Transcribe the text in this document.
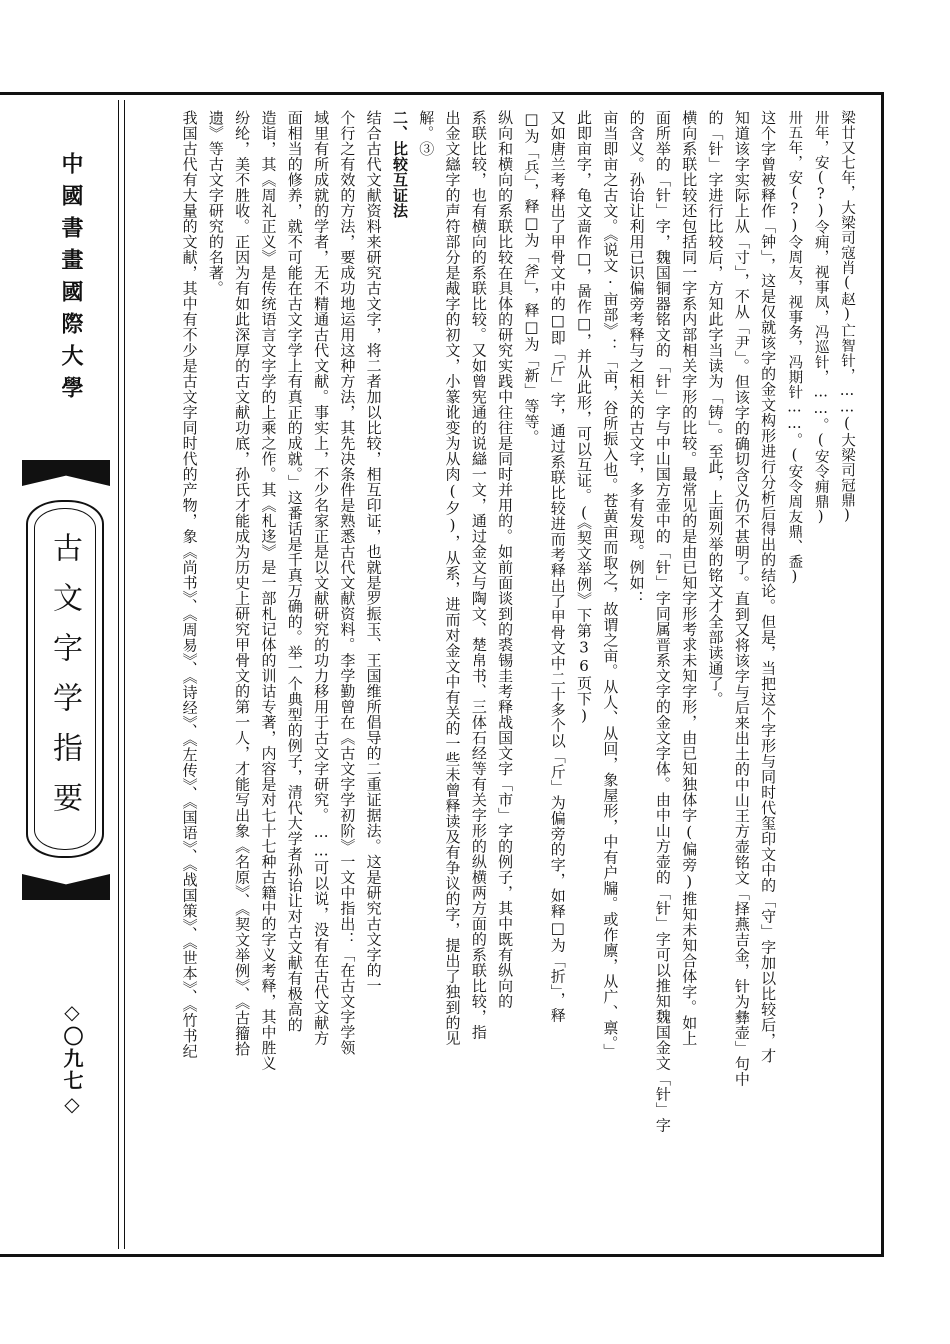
中國書畫國際大學
古文字学指要
◇〇九七◇
梁廿又七年，大梁司寇肖(赵)亡智针，……(大梁司冠鼎)
卅年，安(?)令痈，视事凤，冯巡针，……。(安令痈鼎)
卅五年，安(?)令周友，视事务，冯期针……。(安令周友鼎、盉)
这个字曾被释作「钟」，这是仅就该字的金文构形进行分析后得出的结论。但是，当把这个字形与同时代玺印文中的「守」字加以比较后，才
知道该字实际上从「寸」，不从「尹」。但该字的确切含义仍不甚明了。直到又将该字与后来出土的中山王方壶铭文「择燕吉金，针为彝壶」句中
的「针」字进行比较后，方知此字当读为「铸」。至此，上面列举的铭文才全部读通了。
横向系联比较还包括同一字系内部相关字形的比较。最常见的是由已知字形考求未知字形，由已知独体字(偏旁)推知未知合体字。如上
面所举的「针」字，魏国铜器铭文的「针」字与中山国方壶中的「针」字同属晋系文字的金文字体。由中山方壶的「针」字可以推知魏国金文「针」字
的含义。孙诒让利用已识偏旁考释与之相关的古文字，多有发现。例如：
亩当即亩之古文。《说文·亩部》：「亩，谷所振入也。苍黄亩而取之，故谓之亩。从人、从回，象屋形，中有户牖。或作廪，从广、禀。」
此即亩字，龟文啬作□，啚作□，并从此形，可以互证。(《契文举例》下第36页下)
又如唐兰考释出了甲骨文中的□即「斤」字，通过系联比较进而考释出了甲骨文中二十多个以「斤」为偏旁的字，如释□为「折」，释
□为「兵」，释□为「斧」，释□为「新」等等。
纵向和横向的系联比较在具体的研究实践中往往是同时并用的。如前面谈到的裘锡圭考释战国文字「市」字的例子，其中既有纵向的
系联比较，也有横向的系联比较。又如曾宪通的说䜌一文，通过金文与陶文、楚帛书、三体石经等有关字形的纵横两方面的系联比较，指
出金文䜌字的声符部分是胾字的初文，小篆讹变为从肉(夕)，从系，进而对金文中有关的一些未曾释读及有争议的字，提出了独到的见
解。③
二、比较互证法
结合古代文献资料来研究古文字，将二者加以比较，相互印证，也就是罗振玉、王国维所倡导的二重证据法。这是研究古文字的一
个行之有效的方法，要成功地运用这种方法，其先决条件是熟悉古代文献资料。李学勤曾在《古文字学初阶》一文中指出：「在古文字学领
域里有所成就的学者，无不精通古代文献。事实上，不少名家正是以文献研究的功力移用于古文字研究。……可以说，没有在古代文献方
面相当的修养，就不可能在古文字学上有真正的成就。」这番话是千真万确的。举一个典型的例子，清代大学者孙诒让对古文献有极高的
造诣，其《周礼正义》是传统语言文字学的上乘之作。其《札迻》是一部札记体的训诂专著，内容是对七十七种古籍中的字义考释，其中胜义
纷纶，美不胜收。正因为有如此深厚的古文献功底，孙氏才能成为历史上研究甲骨文的第一人，才能写出象《名原》、《契文举例》、《古籀拾
遗》等古文字研究的名著。
我国古代有大量的文献，其中有不少是古文字同时代的产物，象《尚书》、《周易》、《诗经》、《左传》、《国语》、《战国策》、《世本》、《竹书纪
